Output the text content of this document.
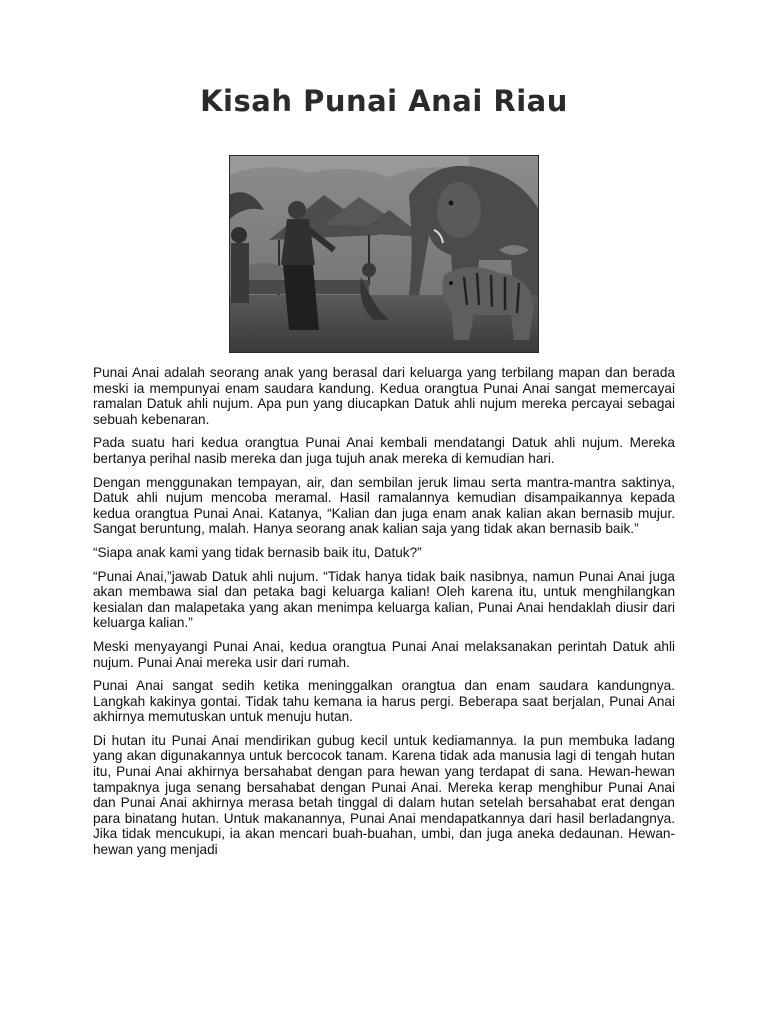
Kisah Punai Anai Riau

Punai Anai adalah seorang anak yang berasal dari keluarga yang terbilang mapan dan berada meski ia mempunyai enam saudara kandung. Kedua orangtua Punai Anai sangat memercayai ramalan Datuk ahli nujum. Apa pun yang diucapkan Datuk ahli nujum mereka percayai sebagai sebuah kebenaran.

Pada suatu hari kedua orangtua Punai Anai kembali mendatangi Datuk ahli nujum. Mereka bertanya perihal nasib mereka dan juga tujuh anak mereka di kemudian hari.

Dengan menggunakan tempayan, air, dan sembilan jeruk limau serta mantra-mantra saktinya, Datuk ahli nujum mencoba meramal. Hasil ramalannya kemudian disampaikannya kepada kedua orangtua Punai Anai. Katanya, “Kalian dan juga enam anak kalian akan bernasib mujur. Sangat beruntung, malah. Hanya seorang anak kalian saja yang tidak akan bernasib baik.”

“Siapa anak kami yang tidak bernasib baik itu, Datuk?”

“Punai Anai,”jawab Datuk ahli nujum. “Tidak hanya tidak baik nasibnya, namun Punai Anai juga akan membawa sial dan petaka bagi keluarga kalian! Oleh karena itu, untuk menghilangkan kesialan dan malapetaka yang akan menimpa keluarga kalian, Punai Anai hendaklah diusir dari keluarga kalian.”

Meski menyayangi Punai Anai, kedua orangtua Punai Anai melaksanakan perintah Datuk ahli nujum. Punai Anai mereka usir dari rumah.

Punai Anai sangat sedih ketika meninggalkan orangtua dan enam saudara kandungnya. Langkah kakinya gontai. Tidak tahu kemana ia harus pergi. Beberapa saat berjalan, Punai Anai akhirnya memutuskan untuk menuju hutan.

Di hutan itu Punai Anai mendirikan gubug kecil untuk kediamannya. Ia pun membuka ladang yang akan digunakannya untuk bercocok tanam. Karena tidak ada manusia lagi di tengah hutan itu, Punai Anai akhirnya bersahabat dengan para hewan yang terdapat di sana. Hewan-hewan tampaknya juga senang bersahabat dengan Punai Anai. Mereka kerap menghibur Punai Anai dan Punai Anai akhirnya merasa betah tinggal di dalam hutan setelah bersahabat erat dengan para binatang hutan. Untuk makanannya, Punai Anai mendapatkannya dari hasil berladangnya. Jika tidak mencukupi, ia akan mencari buah-buahan, umbi, dan juga aneka dedaunan. Hewan-hewan yang menjadi
